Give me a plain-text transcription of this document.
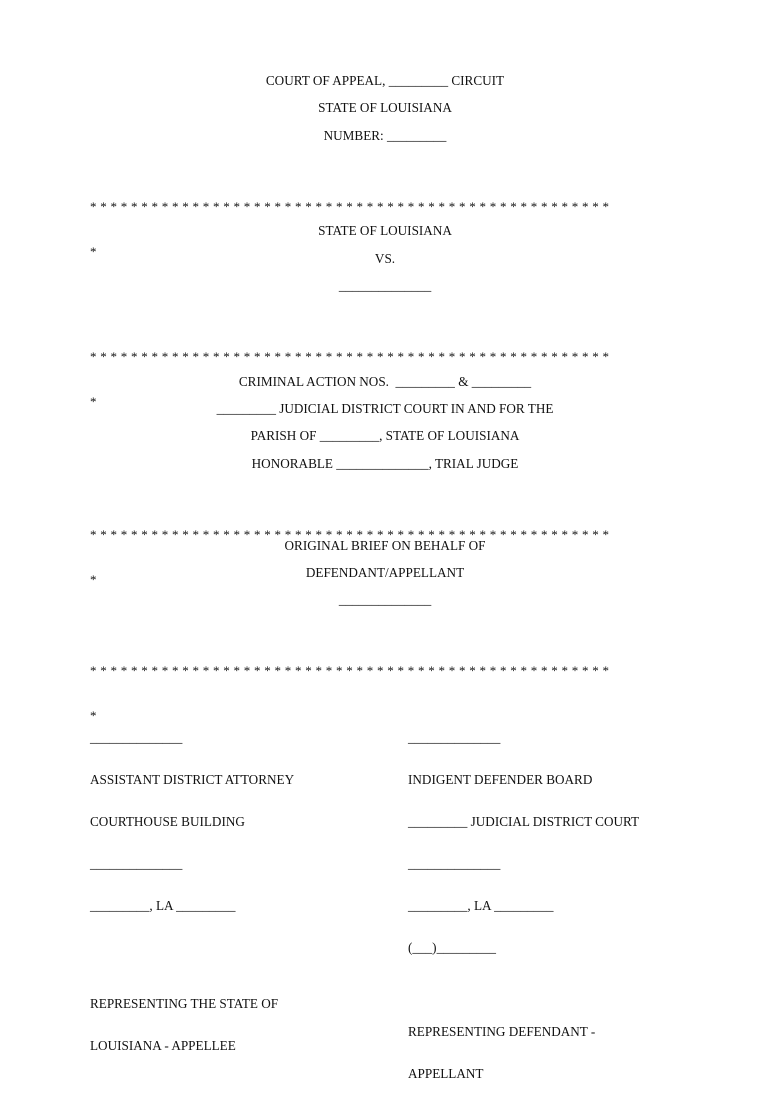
COURT OF APPEAL, _________ CIRCUIT
STATE OF LOUISIANA
NUMBER: _________

* * * * * * * * * * * * * * * * * * * * * * * * * * * * * * * * * * * * * * * * * * * * * * * * * * *

*

STATE OF LOUISIANA
VS.
______________

* * * * * * * * * * * * * * * * * * * * * * * * * * * * * * * * * * * * * * * * * * * * * * * * * * *

*

CRIMINAL ACTION NOS.  _________ & _________
_________ JUDICIAL DISTRICT COURT IN AND FOR THE
PARISH OF _________, STATE OF LOUISIANA
HONORABLE ______________, TRIAL JUDGE

* * * * * * * * * * * * * * * * * * * * * * * * * * * * * * * * * * * * * * * * * * * * * * * * * * *

*

ORIGINAL BRIEF ON BEHALF OF
DEFENDANT/APPELLANT
______________

* * * * * * * * * * * * * * * * * * * * * * * * * * * * * * * * * * * * * * * * * * * * * * * * * * *

*

______________

ASSISTANT DISTRICT ATTORNEY

COURTHOUSE BUILDING

______________

_________, LA _________

REPRESENTING THE STATE OF

LOUISIANA - APPELLEE

______________

INDIGENT DEFENDER BOARD

_________ JUDICIAL DISTRICT COURT

______________

_________, LA _________

(___)_________

REPRESENTING DEFENDANT -

APPELLANT
